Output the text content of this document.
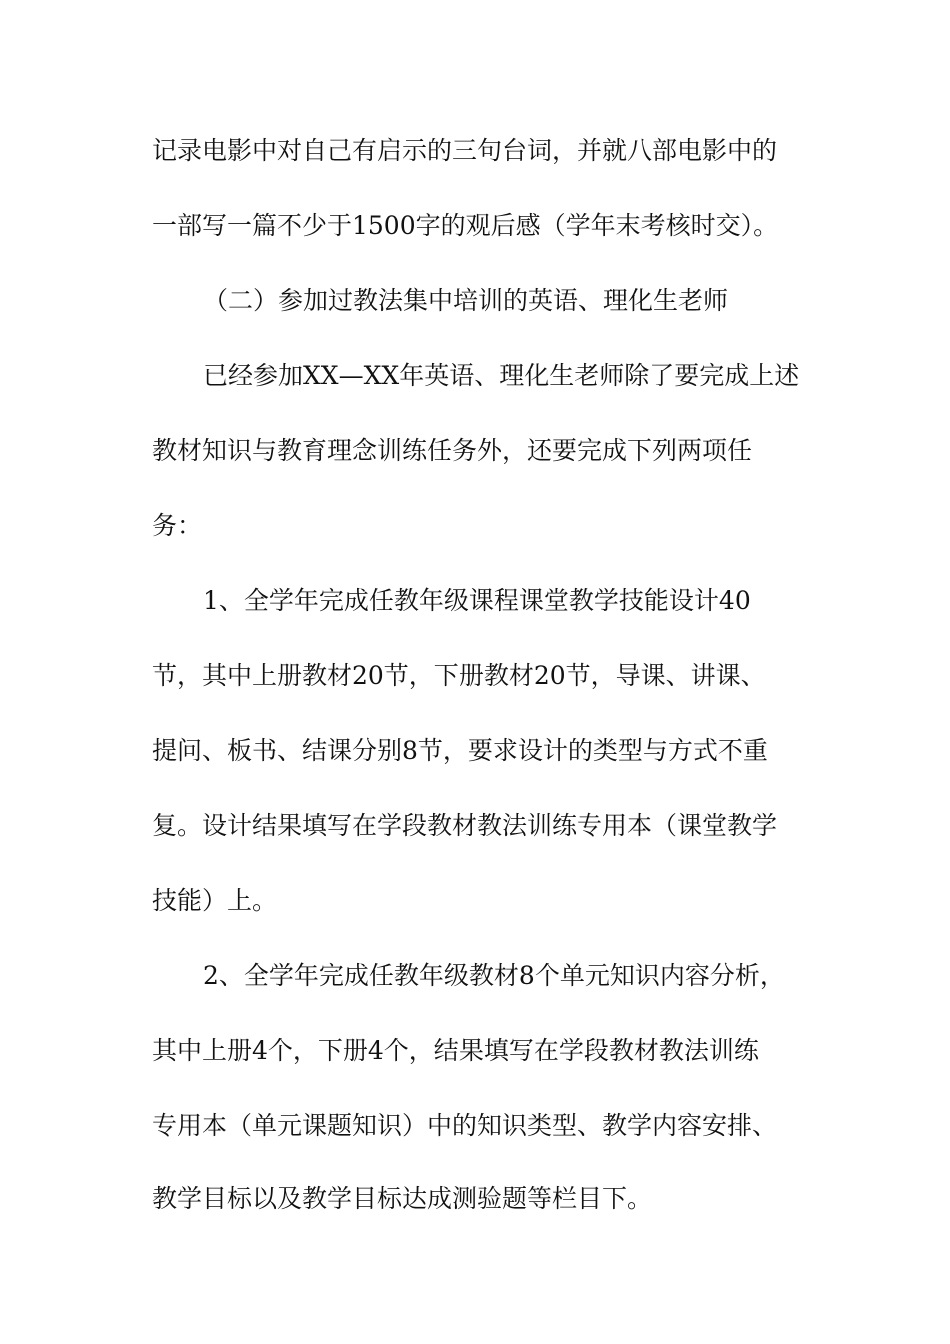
记录电影中对自己有启示的三句台词，并就八部电影中的
一部写一篇不少于1500字的观后感（学年末考核时交）。
（二）参加过教法集中培训的英语、理化生老师
已经参加XX—XX年英语、理化生老师除了要完成上述
教材知识与教育理念训练任务外，还要完成下列两项任
务：
1、全学年完成任教年级课程课堂教学技能设计40
节，其中上册教材20节，下册教材20节，导课、讲课、
提问、板书、结课分别8节，要求设计的类型与方式不重
复。设计结果填写在学段教材教法训练专用本（课堂教学
技能）上。
2、全学年完成任教年级教材8个单元知识内容分析，
其中上册4个，下册4个，结果填写在学段教材教法训练
专用本（单元课题知识）中的知识类型、教学内容安排、
教学目标以及教学目标达成测验题等栏目下。
